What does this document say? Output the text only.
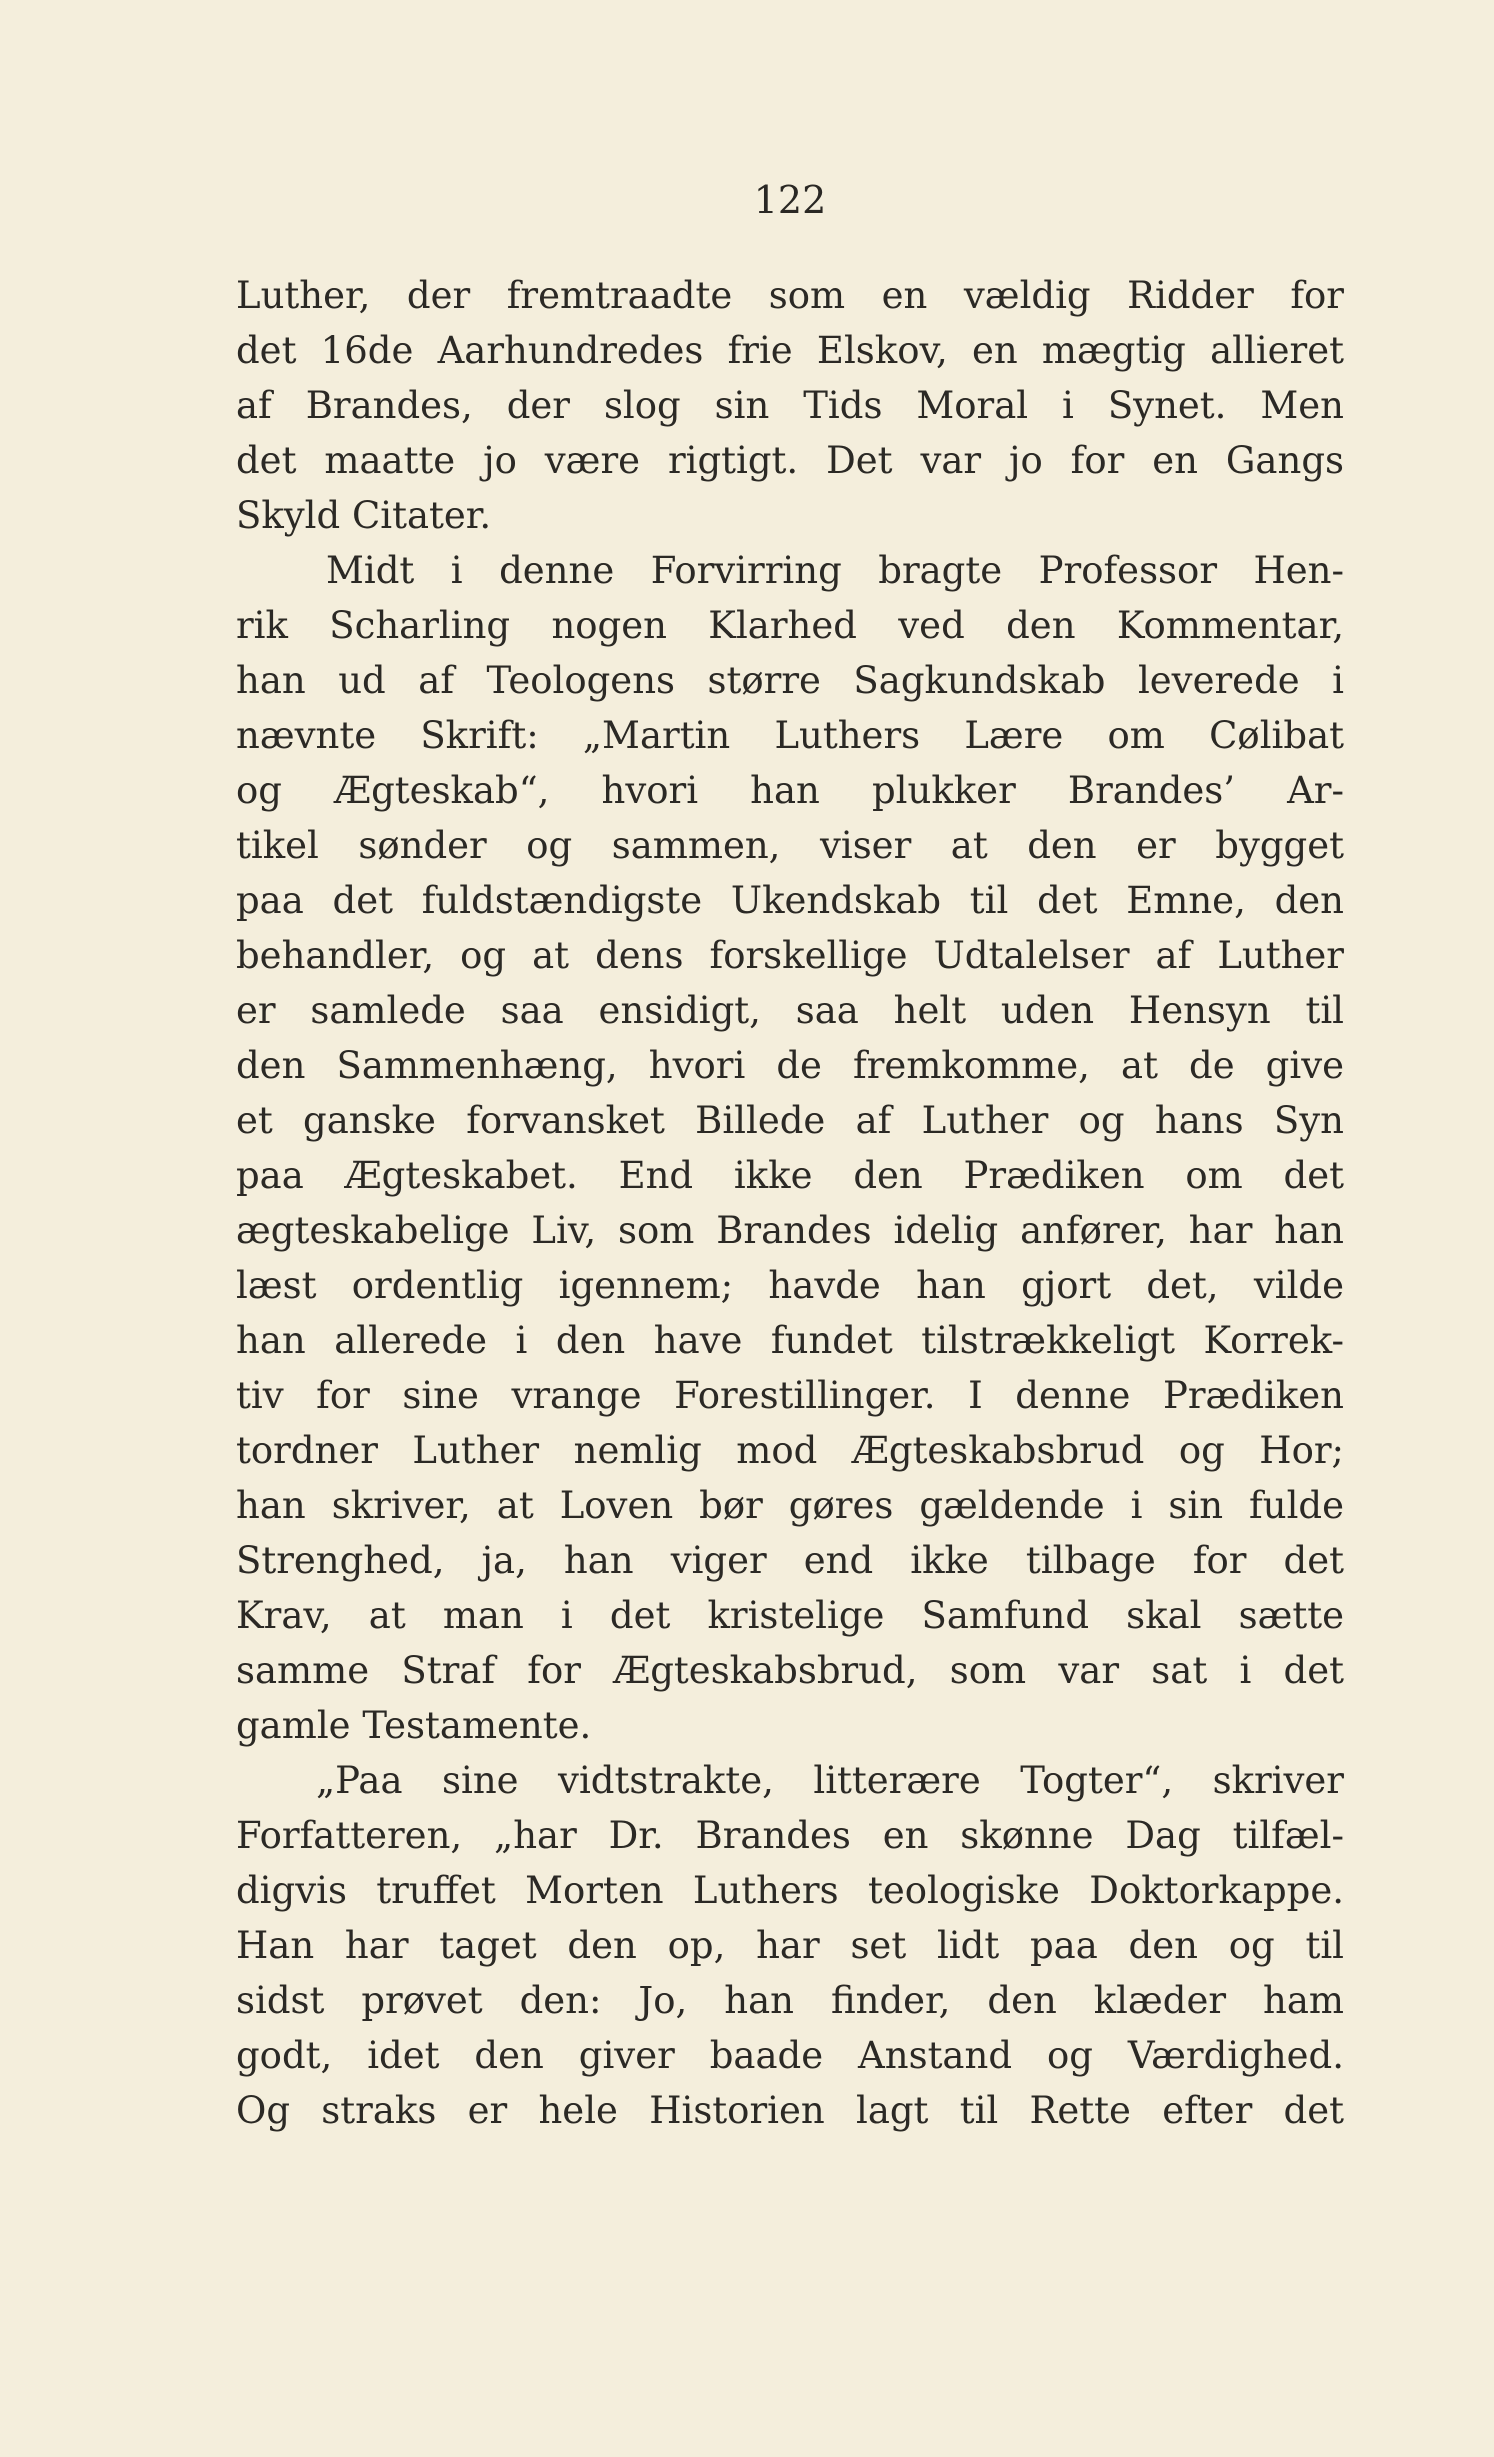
122
Luther, der fremtraadte som en vældig Ridder for
det 16de Aarhundredes frie Elskov, en mægtig allieret
af Brandes, der slog sin Tids Moral i Synet. Men
det maatte jo være rigtigt. Det var jo for en Gangs
Skyld Citater.
Midt i denne Forvirring bragte Professor Hen-
rik Scharling nogen Klarhed ved den Kommentar,
han ud af Teologens større Sagkundskab leverede i
nævnte Skrift: „Martin Luthers Lære om Cølibat
og Ægteskab“, hvori han plukker Brandes’ Ar-
tikel sønder og sammen, viser at den er bygget
paa det fuldstændigste Ukendskab til det Emne, den
behandler, og at dens forskellige Udtalelser af Luther
er samlede saa ensidigt, saa helt uden Hensyn til
den Sammenhæng, hvori de fremkomme, at de give
et ganske forvansket Billede af Luther og hans Syn
paa Ægteskabet. End ikke den Prædiken om det
ægteskabelige Liv, som Brandes idelig anfører, har han
læst ordentlig igennem; havde han gjort det, vilde
han allerede i den have fundet tilstrækkeligt Korrek-
tiv for sine vrange Forestillinger. I denne Prædiken
tordner Luther nemlig mod Ægteskabsbrud og Hor;
han skriver, at Loven bør gøres gældende i sin fulde
Strenghed, ja, han viger end ikke tilbage for det
Krav, at man i det kristelige Samfund skal sætte
samme Straf for Ægteskabsbrud, som var sat i det
gamle Testamente.
„Paa sine vidtstrakte, litterære Togter“, skriver
Forfatteren, „har Dr. Brandes en skønne Dag tilfæl-
digvis truffet Morten Luthers teologiske Doktorkappe.
Han har taget den op, har set lidt paa den og til
sidst prøvet den: Jo, han finder, den klæder ham
godt, idet den giver baade Anstand og Værdighed.
Og straks er hele Historien lagt til Rette efter det
